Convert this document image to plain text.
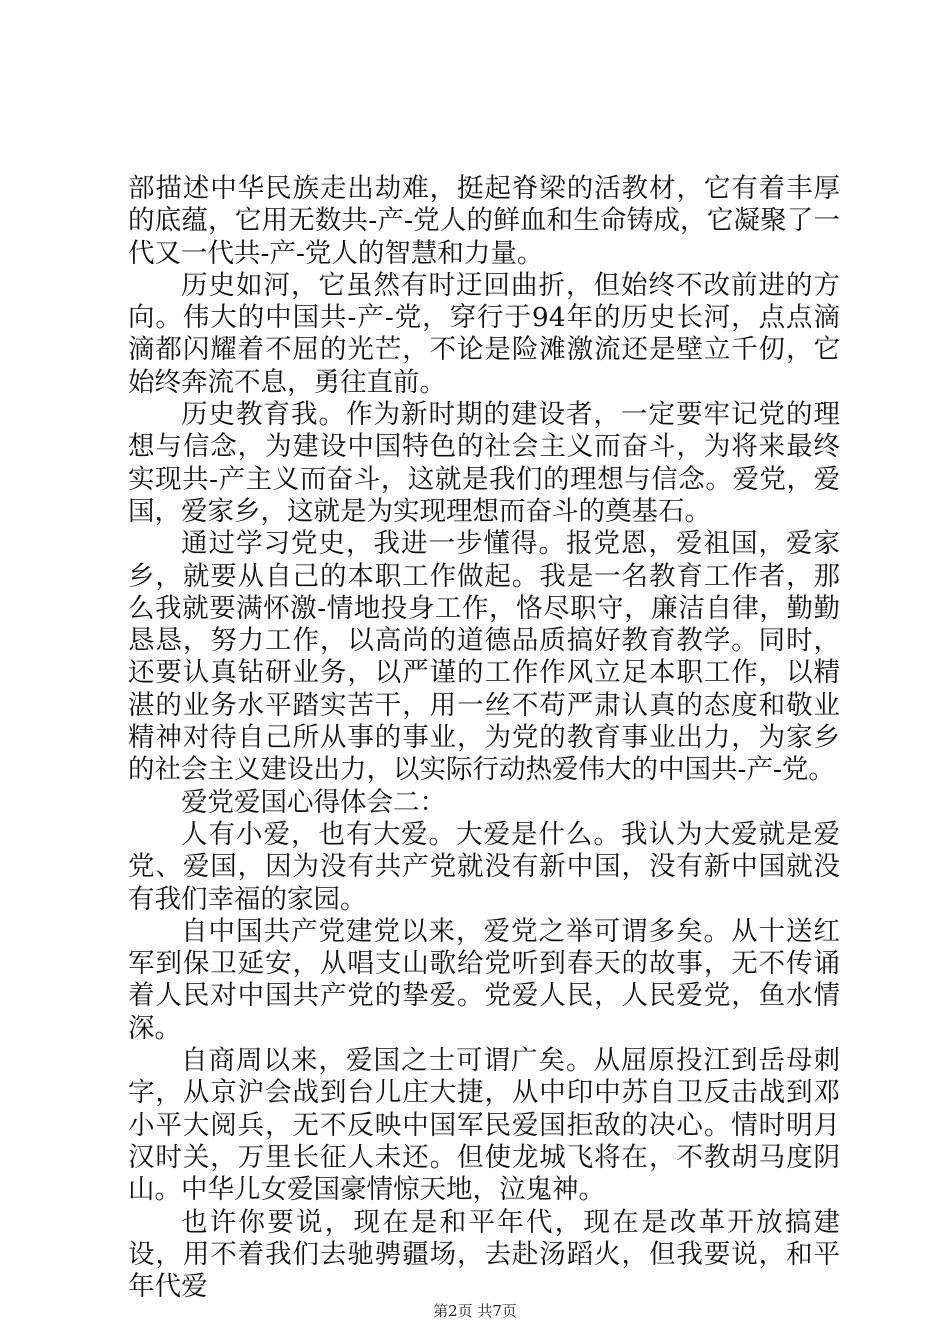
部描述中华民族走出劫难，挺起脊梁的活教材，它有着丰厚的底蕴，它用无数共-产-党人的鲜血和生命铸成，它凝聚了一代又一代共-产-党人的智慧和力量。

历史如河，它虽然有时迂回曲折，但始终不改前进的方向。伟大的中国共-产-党，穿行于94年的历史长河，点点滴滴都闪耀着不屈的光芒，不论是险滩激流还是壁立千仞，它始终奔流不息，勇往直前。

历史教育我。作为新时期的建设者，一定要牢记党的理想与信念，为建设中国特色的社会主义而奋斗，为将来最终实现共-产主义而奋斗，这就是我们的理想与信念。爱党，爱国，爱家乡，这就是为实现理想而奋斗的奠基石。

通过学习党史，我进一步懂得。报党恩，爱祖国，爱家乡，就要从自己的本职工作做起。我是一名教育工作者，那么我就要满怀激-情地投身工作，恪尽职守，廉洁自律，勤勤恳恳，努力工作，以高尚的道德品质搞好教育教学。同时，还要认真钻研业务，以严谨的工作作风立足本职工作，以精湛的业务水平踏实苦干，用一丝不苟严肃认真的态度和敬业精神对待自己所从事的事业，为党的教育事业出力，为家乡的社会主义建设出力，以实际行动热爱伟大的中国共-产-党。

爱党爱国心得体会二：

人有小爱，也有大爱。大爱是什么。我认为大爱就是爱党、爱国，因为没有共产党就没有新中国，没有新中国就没有我们幸福的家园。

自中国共产党建党以来，爱党之举可谓多矣。从十送红军到保卫延安，从唱支山歌给党听到春天的故事，无不传诵着人民对中国共产党的挚爱。党爱人民，人民爱党，鱼水情深。

自商周以来，爱国之士可谓广矣。从屈原投江到岳母刺字，从京沪会战到台儿庄大捷，从中印中苏自卫反击战到邓小平大阅兵，无不反映中国军民爱国拒敌的决心。情时明月汉时关，万里长征人未还。但使龙城飞将在，不教胡马度阴山。中华儿女爱国豪情惊天地，泣鬼神。

也许你要说，现在是和平年代，现在是改革开放搞建设，用不着我们去驰骋疆场，去赴汤蹈火，但我要说，和平年代爱

第2页 共7页
